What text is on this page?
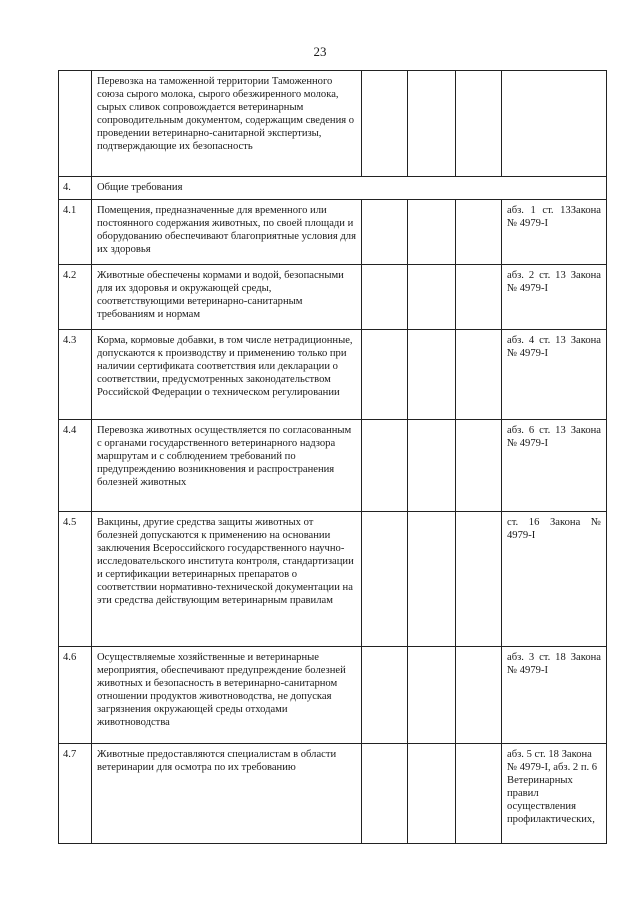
23
	Перевозка на таможенной территории Таможенного союза сырого молока, сырого обезжиренного молока, сырых сливок сопровождается ветеринарным сопроводительным документом, содержащим сведения о проведении ветеринарно-санитарной экспертизы, подтверждающие их безопасность				
4.	Общие требования				
4.1	Помещения, предназначенные для временного или постоянного содержания животных, по своей площади и оборудованию обеспечивают благоприятные условия для их здоровья				абз. 1 ст. 13Закона № 4979-I
4.2	Животные обеспечены кормами и водой, безопасными для их здоровья и окружающей среды, соответствующими ветеринарно-санитарным требованиям и нормам				абз. 2 ст. 13 Закона № 4979-I
4.3	Корма, кормовые добавки, в том числе нетрадиционные, допускаются к производству и применению только при наличии сертификата соответствия или декларации о соответствии, предусмотренных законодательством Российской Федерации о техническом регулировании				абз. 4 ст. 13 Закона № 4979-I
4.4	Перевозка животных осуществляется по согласованным с органами государственного ветеринарного надзора маршрутам и с соблюдением требований по предупреждению возникновения и распространения болезней животных				абз. 6 ст. 13 Закона № 4979-I
4.5	Вакцины, другие средства защиты животных от болезней допускаются к применению на основании заключения Всероссийского государственного научно-исследовательского института контроля, стандартизации и сертификации ветеринарных препаратов о соответствии нормативно-технической документации на эти средства действующим ветеринарным правилам				ст. 16 Закона № 4979-I
4.6	Осуществляемые хозяйственные и ветеринарные мероприятия, обеспечивают предупреждение болезней животных и безопасность в ветеринарно-санитарном отношении продуктов животноводства, не допуская загрязнения окружающей среды отходами животноводства				абз. 3 ст. 18 Закона № 4979-I
4.7	Животные предоставляются специалистам в области ветеринарии для осмотра по их требованию				абз. 5 ст. 18 Закона № 4979-I, абз. 2 п. 6 Ветеринарных правил осуществления профилактических,
